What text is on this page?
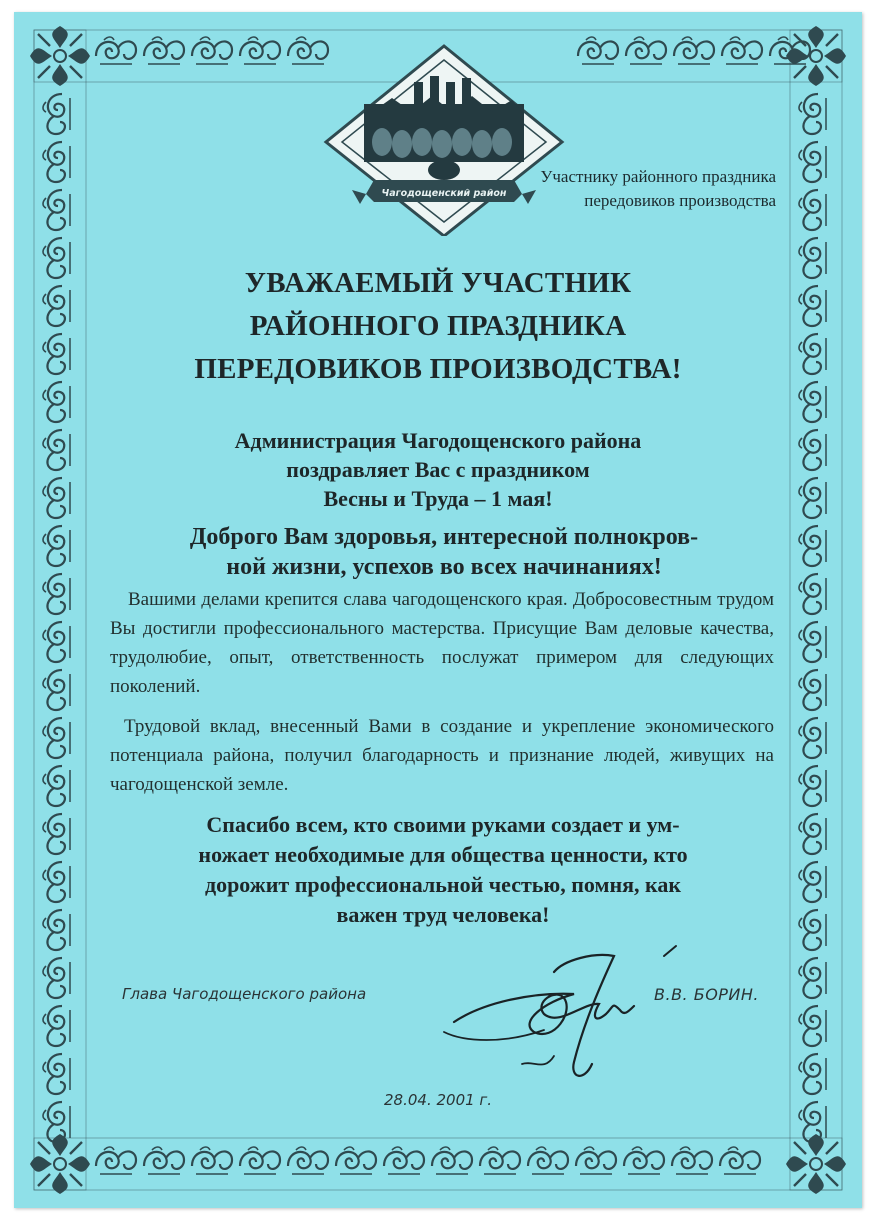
Чагодощенский район
Участнику районного праздника
передовиков производства
УВАЖАЕМЫЙ УЧАСТНИК
РАЙОННОГО ПРАЗДНИКА
ПЕРЕДОВИКОВ ПРОИЗВОДСТВА!
Администрация Чагодощенского района
поздравляет Вас с праздником
Весны и Труда – 1 мая!
Доброго Вам здоровья, интересной полнокров-
ной жизни, успехов во всех начинаниях!
Вашими делами крепится слава чагодощенского края. Добросовестным трудом Вы достигли профессионального мастерства. Присущие Вам деловые качества, трудолюбие, опыт, ответственность послужат примером для следующих поколений.
Трудовой вклад, внесенный Вами в создание и укрепление экономического потенциала района, получил благодарность и признание людей, живущих на чагодощенской земле.
Спасибо всем, кто своими руками создает и ум-
ножает необходимые для общества ценности, кто
дорожит профессиональной честью, помня, как
важен труд человека!
Глава Чагодощенского района	В.В. БОРИН.
28.04. 2001 г.
